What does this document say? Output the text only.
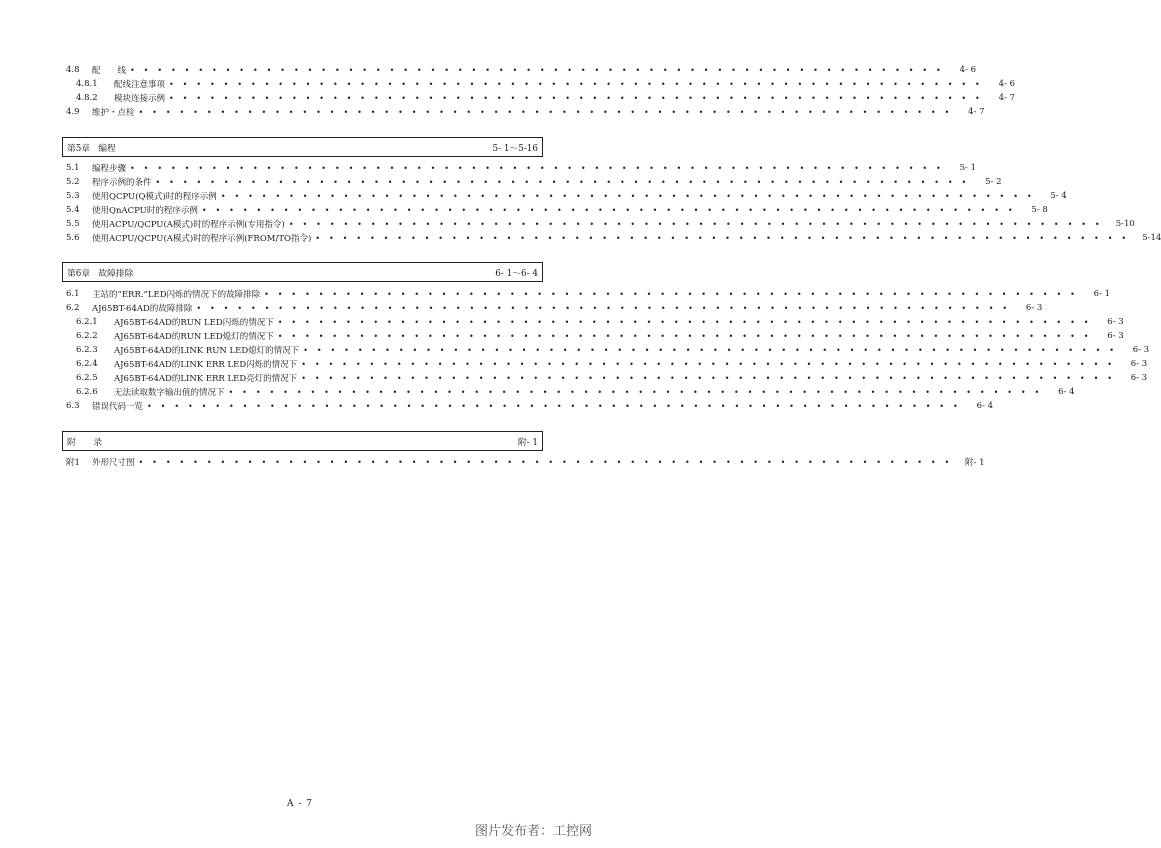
4.8	配　　线 • • • • • • • • • • • • • • • • • • • • • • • • • • • • • • • • • • • • • • • • • • • • • • • • • • • • • • • • • • • •	4- 6
4.8.1	配线注意事项 • • • • • • • • • • • • • • • • • • • • • • • • • • • • • • • • • • • • • • • • • • • • • • • • • • • • • • • • • • • •	4- 6
4.8.2	模块连接示例 • • • • • • • • • • • • • • • • • • • • • • • • • • • • • • • • • • • • • • • • • • • • • • • • • • • • • • • • • • • •	4- 7
4.9	维护・点检 • • • • • • • • • • • • • • • • • • • • • • • • • • • • • • • • • • • • • • • • • • • • • • • • • • • • • • • • • • • •	4- 7
第5章 编程	5- 1～5-16
5.1	编程步骤 • • • • • • • • • • • • • • • • • • • • • • • • • • • • • • • • • • • • • • • • • • • • • • • • • • • • • • • • • • • •	5- 1
5.2	程序示例的条件 • • • • • • • • • • • • • • • • • • • • • • • • • • • • • • • • • • • • • • • • • • • • • • • • • • • • • • • • • • • •	5- 2
5.3	使用QCPU(Q模式)时的程序示例 • • • • • • • • • • • • • • • • • • • • • • • • • • • • • • • • • • • • • • • • • • • • • • • • • • • • • • • • • • • •	5- 4
5.4	使用QnACPU时的程序示例 • • • • • • • • • • • • • • • • • • • • • • • • • • • • • • • • • • • • • • • • • • • • • • • • • • • • • • • • • • • •	5- 8
5.5	使用ACPU/QCPU(A模式)时的程序示例(专用指令) • • • • • • • • • • • • • • • • • • • • • • • • • • • • • • • • • • • • • • • • • • • • • • • • • • • • • • • • • • • •	5-10
5.6	使用ACPU/QCPU(A模式)时的程序示例(FROM/TO指令) • • • • • • • • • • • • • • • • • • • • • • • • • • • • • • • • • • • • • • • • • • • • • • • • • • • • • • • • • • • •	5-14
第6章 故障排除	6- 1～6- 4
6.1	主站的“ERR.”LED闪烁的情况下的故障排除 • • • • • • • • • • • • • • • • • • • • • • • • • • • • • • • • • • • • • • • • • • • • • • • • • • • • • • • • • • • •	6- 1
6.2	AJ65BT-64AD的故障排除 • • • • • • • • • • • • • • • • • • • • • • • • • • • • • • • • • • • • • • • • • • • • • • • • • • • • • • • • • • • •	6- 3
6.2.1	AJ65BT-64AD的RUN LED闪烁的情况下 • • • • • • • • • • • • • • • • • • • • • • • • • • • • • • • • • • • • • • • • • • • • • • • • • • • • • • • • • • • •	6- 3
6.2.2	AJ65BT-64AD的RUN LED熄灯的情况下 • • • • • • • • • • • • • • • • • • • • • • • • • • • • • • • • • • • • • • • • • • • • • • • • • • • • • • • • • • • •	6- 3
6.2.3	AJ65BT-64AD的LINK RUN LED熄灯的情况下 • • • • • • • • • • • • • • • • • • • • • • • • • • • • • • • • • • • • • • • • • • • • • • • • • • • • • • • • • • • •	6- 3
6.2.4	AJ65BT-64AD的LINK ERR LED闪烁的情况下 • • • • • • • • • • • • • • • • • • • • • • • • • • • • • • • • • • • • • • • • • • • • • • • • • • • • • • • • • • • •	6- 3
6.2.5	AJ65BT-64AD的LINK ERR LED亮灯的情况下 • • • • • • • • • • • • • • • • • • • • • • • • • • • • • • • • • • • • • • • • • • • • • • • • • • • • • • • • • • • •	6- 3
6.2.6	无法读取数字输出值的情况下 • • • • • • • • • • • • • • • • • • • • • • • • • • • • • • • • • • • • • • • • • • • • • • • • • • • • • • • • • • • •	6- 4
6.3	错误代码一览 • • • • • • • • • • • • • • • • • • • • • • • • • • • • • • • • • • • • • • • • • • • • • • • • • • • • • • • • • • • •	6- 4
附　　录	附- 1
附1	外形尺寸图 • • • • • • • • • • • • • • • • • • • • • • • • • • • • • • • • • • • • • • • • • • • • • • • • • • • • • • • • • • • •	附- 1
A - 7
图片发布者：工控网
